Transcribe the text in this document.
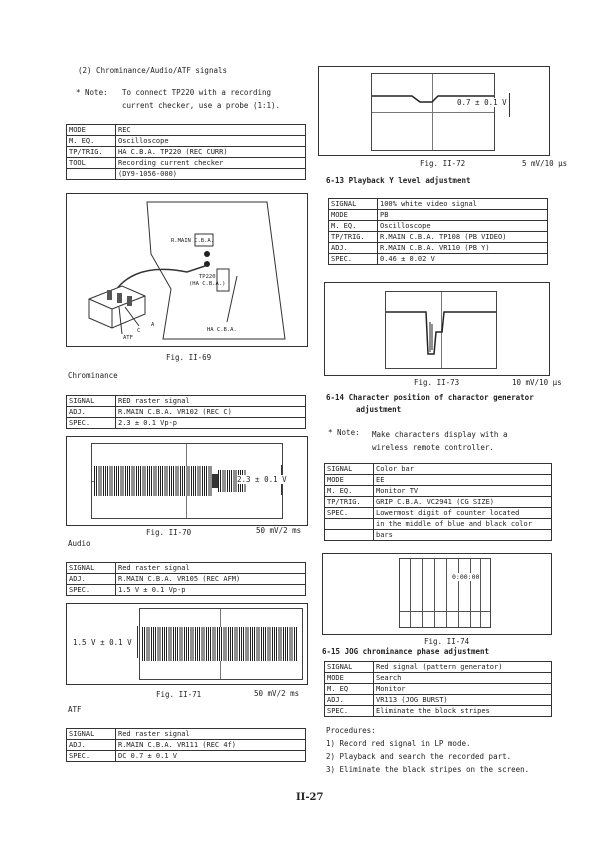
(2) Chrominance/Audio/ATF signals
* Note: To connect TP220 with a recording
current checker, use a probe (1:1).
MODE	REC
M. EQ.	Oscilloscope
TP/TRIG.	HA C.B.A. TP220 (REC CURR)
TOOL	Recording current checker
	(DY9-1056-000)
R.MAIN C.B.A.
TP220
(HA C.B.A.)
C
A
ATF
HA C.B.A.
Fig. II-69
Chrominance
SIGNAL	RED raster signal
ADJ.	R.MAIN C.B.A. VR102 (REC C)
SPEC.	2.3 ± 0.1 Vp-p
2.3 ± 0.1 V
Fig. II-70	50 mV/2 ms
Audio
SIGNAL	Red raster signal
ADJ.	R.MAIN C.B.A. VR105 (REC AFM)
SPEC.	1.5 V ± 0.1 Vp-p
1.5 V ± 0.1 V
Fig. II-71	50 mV/2 ms
ATF
SIGNAL	Red raster signal
ADJ.	R.MAIN C.B.A. VR111 (REC 4f)
SPEC.	DC 0.7 ± 0.1 V
0.7 ± 0.1 V
Fig. II-72	5 mV/10 μs
6-13 Playback Y level adjustment
SIGNAL	100% white video signal
MODE	PB
M. EQ.	Oscilloscope
TP/TRIG.	R.MAIN C.B.A. TP108 (PB VIDEO)
ADJ.	R.MAIN C.B.A. VR110 (PB Y)
SPEC.	0.46 ± 0.02 V
Fig. II-73	10 mV/10 μs
6-14 Character position of charactor generator
adjustment
* Note: Make characters display with a
wireless remote controller.
SIGNAL	Color bar
MODE	EE
M. EQ.	Monitor TV
TP/TRIG.	GRIP C.B.A. VC2941 (CG SIZE)
SPEC.	Lowermost digit of counter located
	in the middle of blue and black color
	bars
0:00:00
Fig. II-74
6-15 JOG chrominance phase adjustment
SIGNAL	Red signal (pattern generator)
MODE	Search
M. EQ	Monitor
ADJ.	VR113 (JOG BURST)
SPEC.	Eliminate the block stripes
Procedures:
1) Record red signal in LP mode.
2) Playback and search the recorded part.
3) Eliminate the black stripes on the screen.
II-27
